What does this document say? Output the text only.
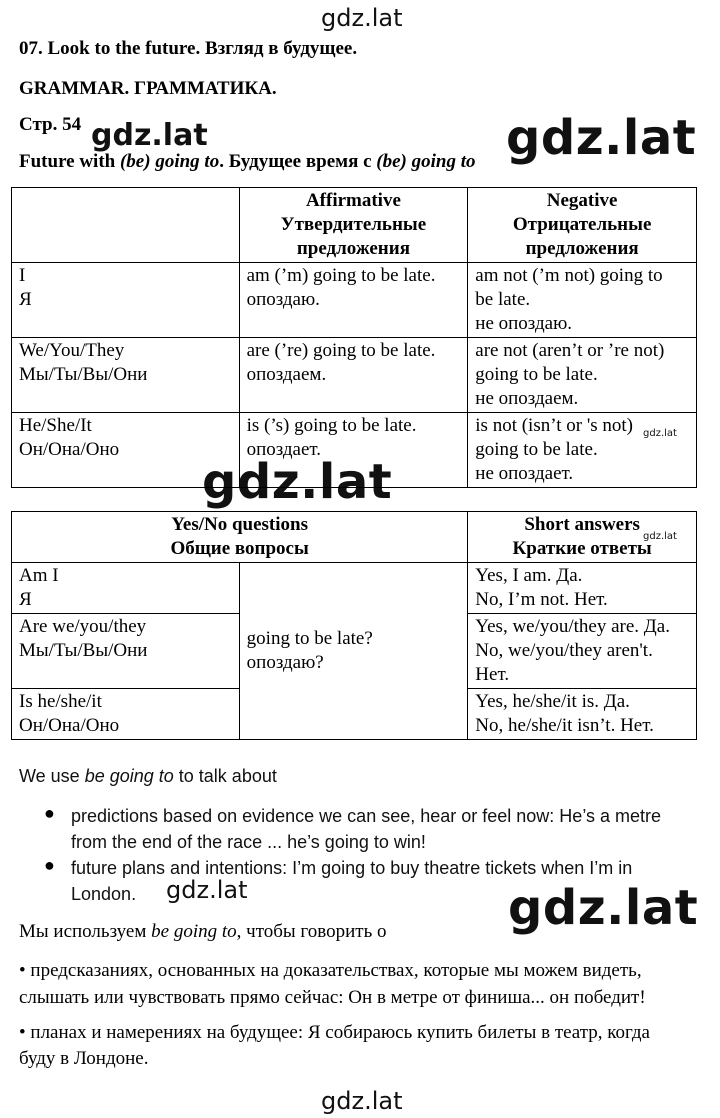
gdz.lat
gdz.lat	gdz.lat
gdz.lat
gdz.lat
gdz.lat
gdz.lat	gdz.lat
gdz.lat
07. Look to the future. Взгляд в будущее.
GRAMMAR. ГРАММАТИКА.
Стр. 54
Future with (be) going to. Будущее время с (be) going to
	Affirmative
Утвердительные
предложения	Negative
Отрицательные
предложения
I
Я	am (’m) going to be late.
опоздаю.	am not (’m not) going to
be late.
не опоздаю.
We/You/They
Мы/Ты/Вы/Они	are (’re) going to be late.
опоздаем.	are not (aren’t or ’re not)
going to be late.
не опоздаем.
He/She/It
Он/Она/Оно	is (’s) going to be late.
опоздает.	is not (isn’t or 's not)
going to be late.
не опоздает.
Yes/No questions
Общие вопросы		Short answers
Краткие ответы
Am I
Я	going to be late?
опоздаю?	Yes, I am. Да.
No, I’m not. Нет.
Are we/you/they
Мы/Ты/Вы/Они		Yes, we/you/they are. Да.
No, we/you/they aren't.
Нет.
Is he/she/it
Он/Она/Оно		Yes, he/she/it is. Да.
No, he/she/it isn’t. Нет.
We use be going to to talk about
● predictions based on evidence we can see, hear or feel now: He’s a metre
from the end of the race ... he’s going to win!
● future plans and intentions: I’m going to buy theatre tickets when I’m in
London.
Мы используем be going to, чтобы говорить о
• предсказаниях, основанных на доказательствах, которые мы можем видеть,
слышать или чувствовать прямо сейчас: Он в метре от финиша... он победит!
• планах и намерениях на будущее: Я собираюсь купить билеты в театр, когда
буду в Лондоне.
